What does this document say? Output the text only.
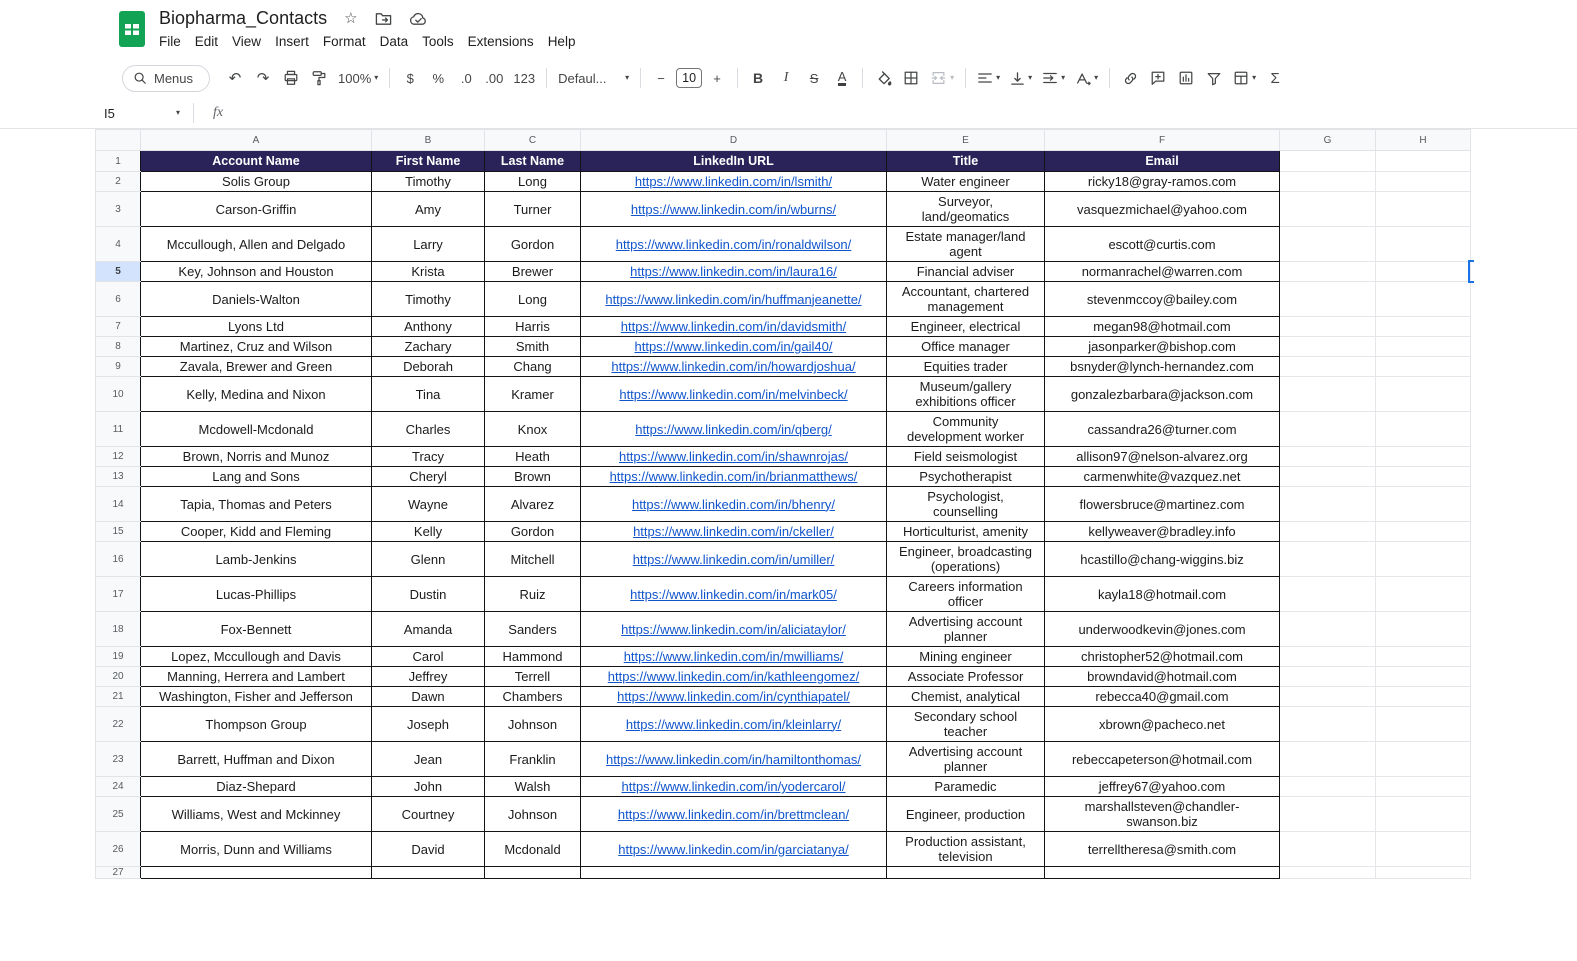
Biopharma_Contacts ☆
File	Edit	View	Insert	Format	Data	Tools	Extensions	Help
Menus ↶ ↷	100% ▾	$	%	.0	.00 123	Defaul...	▾	−	10	+	B	I	S	A	▾	▾	▾	▾	▾	▾ Σ
I5	▾ fx
	A	B	C	D	E	F	G	H
1	Account Name	First Name	Last Name	LinkedIn URL	Title	Email		
2	Solis Group	Timothy	Long	https://www.linkedin.com/in/lsmith/	Water engineer	ricky18@gray-ramos.com		
3	Carson-Griffin	Amy	Turner	https://www.linkedin.com/in/wburns/	Surveyor, land/geomatics	vasquezmichael@yahoo.com		
4	Mccullough, Allen and Delgado	Larry	Gordon	https://www.linkedin.com/in/ronaldwilson/	Estate manager/land agent	escott@curtis.com		
5	Key, Johnson and Houston	Krista	Brewer	https://www.linkedin.com/in/laura16/	Financial adviser	normanrachel@warren.com		

6	Daniels-Walton	Timothy	Long	https://www.linkedin.com/in/huffmanjeanette/	Accountant, chartered management	stevenmccoy@bailey.com		
7	Lyons Ltd	Anthony	Harris	https://www.linkedin.com/in/davidsmith/	Engineer, electrical	megan98@hotmail.com		
8	Martinez, Cruz and Wilson	Zachary	Smith	https://www.linkedin.com/in/gail40/	Office manager	jasonparker@bishop.com		
9	Zavala, Brewer and Green	Deborah	Chang	https://www.linkedin.com/in/howardjoshua/	Equities trader	bsnyder@lynch-hernandez.com		
10	Kelly, Medina and Nixon	Tina	Kramer	https://www.linkedin.com/in/melvinbeck/	Museum/gallery exhibitions officer	gonzalezbarbara@jackson.com		
11	Mcdowell-Mcdonald	Charles	Knox	https://www.linkedin.com/in/qberg/	Community development worker	cassandra26@turner.com		
12	Brown, Norris and Munoz	Tracy	Heath	https://www.linkedin.com/in/shawnrojas/	Field seismologist	allison97@nelson-alvarez.org		
13	Lang and Sons	Cheryl	Brown	https://www.linkedin.com/in/brianmatthews/	Psychotherapist	carmenwhite@vazquez.net		
14	Tapia, Thomas and Peters	Wayne	Alvarez	https://www.linkedin.com/in/bhenry/	Psychologist, counselling	flowersbruce@martinez.com		
15	Cooper, Kidd and Fleming	Kelly	Gordon	https://www.linkedin.com/in/ckeller/	Horticulturist, amenity	kellyweaver@bradley.info		
16	Lamb-Jenkins	Glenn	Mitchell	https://www.linkedin.com/in/umiller/	Engineer, broadcasting (operations)	hcastillo@chang-wiggins.biz		
17	Lucas-Phillips	Dustin	Ruiz	https://www.linkedin.com/in/mark05/	Careers information officer	kayla18@hotmail.com		
18	Fox-Bennett	Amanda	Sanders	https://www.linkedin.com/in/aliciataylor/	Advertising account planner	underwoodkevin@jones.com		
19	Lopez, Mccullough and Davis	Carol	Hammond	https://www.linkedin.com/in/mwilliams/	Mining engineer	christopher52@hotmail.com		
20	Manning, Herrera and Lambert	Jeffrey	Terrell	https://www.linkedin.com/in/kathleengomez/	Associate Professor	browndavid@hotmail.com		
21	Washington, Fisher and Jefferson	Dawn	Chambers	https://www.linkedin.com/in/cynthiapatel/	Chemist, analytical	rebecca40@gmail.com		
22	Thompson Group	Joseph	Johnson	https://www.linkedin.com/in/kleinlarry/	Secondary school teacher	xbrown@pacheco.net		
23	Barrett, Huffman and Dixon	Jean	Franklin	https://www.linkedin.com/in/hamiltonthomas/	Advertising account planner	rebeccapeterson@hotmail.com		
24	Diaz-Shepard	John	Walsh	https://www.linkedin.com/in/yodercarol/	Paramedic	jeffrey67@yahoo.com		
25	Williams, West and Mckinney	Courtney	Johnson	https://www.linkedin.com/in/brettmclean/	Engineer, production	marshallsteven@chandler-swanson.biz		
26	Morris, Dunn and Williams	David	Mcdonald	https://www.linkedin.com/in/garciatanya/	Production assistant, television	terrelltheresa@smith.com		
27								
